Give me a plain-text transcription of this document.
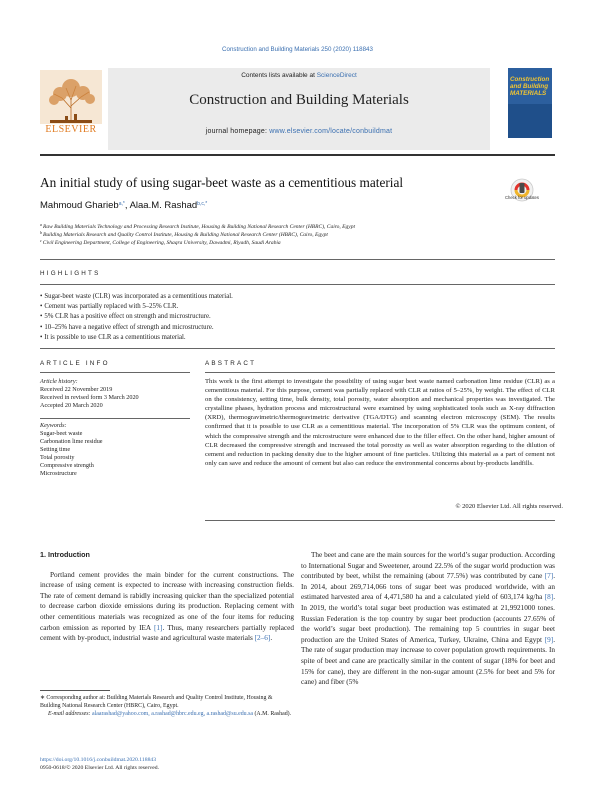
Construction and Building Materials 250 (2020) 118843
ELSEVIER
Contents lists available at ScienceDirect
Construction and Building Materials
journal homepage: www.elsevier.com/locate/conbuildmat
Construction and Building MATERIALS
An initial study of using sugar-beet waste as a cementitious material
Check for updates
Mahmoud Gharieb$^{a,*}$, Alaa.M. Rashad$^{b,c,*}$
$^a$Raw Building Materials Technology and Processing Research Institute, Housing & Building National Research Center (HBRC), Cairo, Egypt
$^b$Building Materials Research and Quality Control Institute, Housing & Building National Research Center (HBRC), Cairo, Egypt
$^c$Civil Engineering Department, College of Engineering, Shaqra University, Dawadmi, Riyadh, Saudi Arabia
HIGHLIGHTS
• Sugar-beet waste (CLR) was incorporated as a cementitious material.
• Cement was partially replaced with 5–25% CLR.
• 5% CLR has a positive effect on strength and microstructure.
• 10–25% have a negative effect of strength and microstructure.
• It is possible to use CLR as a cementitious material.
ARTICLE INFO	ABSTRACT
Article history:
Received 22 November 2019
Received in revised form 3 March 2020
Accepted 20 March 2020
Keywords:
Sugar-beet waste
Carbonation lime residue
Setting time
Total porosity
Compressive strength
Microstructure
This work is the first attempt to investigate the possibility of using sugar beet waste named carbonation lime residue (CLR) as a cementitious material. For this purpose, cement was partially replaced with CLR at ratios of 5–25%, by weight. The effect of CLR on the consistency, setting time, bulk density, total porosity, water absorption and mechanical properties was investigated. The crystalline phases, hydration process and microstructural were examined by using sophisticated tools such as X-ray diffraction (XRD), thermogravimetric/thermogravimetric derivative (TGA/DTG) and scanning electron microscopy (SEM). The results confirmed that it is possible to use CLR as a cementitious material. The incorporation of 5% CLR was the optimum content, of which the compressive strength and the microstructure were enhanced due to the filler effect. On the other hand, higher amount of CLR decreased the compressive strength and increased the total porosity as well as water absorption regarding to the dilution of cement and reduction in packing density due to the higher amount of fine particles. Utilizing this material as a part of cement not only can save and reduce the amount of cement but also can reduce the environmental concerns about by-products landfills.
© 2020 Elsevier Ltd. All rights reserved.
1. Introduction
Portland cement provides the main binder for the current constructions. The increase of using cement is expected to increase with increasing construction fields. The rate of cement demand is rabidly increasing quicker than the specialized potential to decrease carbon dioxide emissions during its production. Replacing cement with other cementitious materials was recognized as one of the four items for reducing carbon emission as reported by IEA [1]. Thus, many researchers partially replaced cement with by-product, industrial waste and agricultural waste materials [2–6].
The beet and cane are the main sources for the world’s sugar production. According to International Sugar and Sweetener, around 22.5% of the sugar world production was contributed by beet, whilst the remaining (about 77.5%) was contributed by cane [7]. In 2014, about 269,714,066 tons of sugar beet was produced worldwide, with an estimated harvested area of 4,471,580 ha and a calculated yield of 603,174 kg/ha [8]. In 2019, the world’s total sugar beet production was estimated at 21,9921000 tones. Russian Federation is the top country by sugar beet production (accounts 27.65% of the world’s sugar beet production). The remaining top 5 countries in sugar beet production are the United States of America, Turkey, Ukraine, China and Egypt [9]. The rate of sugar production may increase to cover population growth requirements. In spite of beet and cane are practically similar in the content of sugar (18% for beet and 15% for cane), they are different in the non-sugar amount (2.5% for beet and 5% for cane) and fiber (5%
∗ Corresponding author at: Building Materials Research and Quality Control Institute, Housing & Building National Research Center (HBRC), Cairo, Egypt.
E-mail addresses: alaarashad@yahoo.com, a.rashad@hbrc.edu.eg, a.rashad@su.edu.sa (A.M. Rashad).
https://doi.org/10.1016/j.conbuildmat.2020.118843
0950-0618/© 2020 Elsevier Ltd. All rights reserved.
